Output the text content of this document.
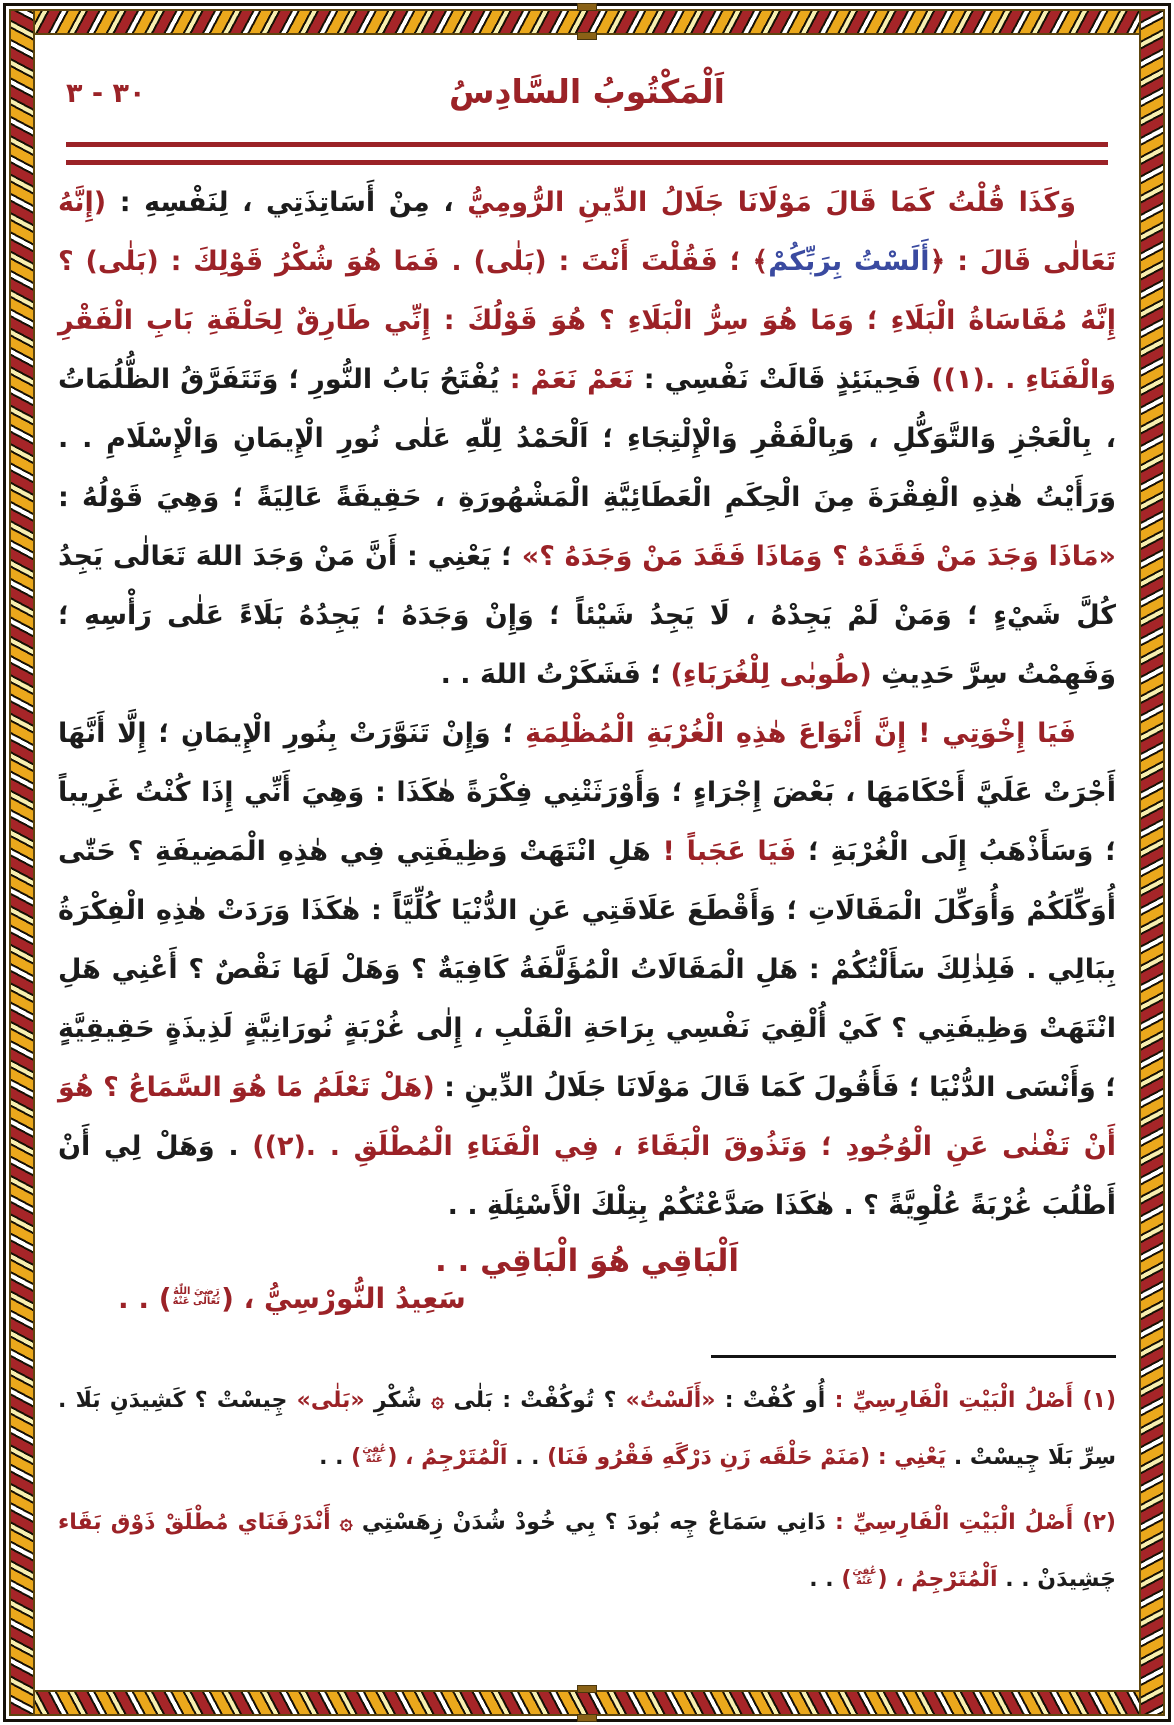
اَلْمَكْتُوبُ السَّادِسُ
٣٠ - ٣

وَكَذَا قُلْتُ كَمَا قَالَ مَوْلَانَا جَلَالُ الدِّينِ الرُّومِيُّ ، مِنْ أَسَاتِذَتِي ، لِنَفْسِهِ : (إِنَّهُ تَعَالٰى قَالَ : ﴿أَلَسْتُ بِرَبِّكُمْ﴾ ؛ فَقُلْتَ أَنْتَ : (بَلٰى) . فَمَا هُوَ شُكْرُ قَوْلِكَ : (بَلٰى) ؟ إِنَّهُ مُقَاسَاةُ الْبَلَاءِ ؛ وَمَا هُوَ سِرُّ الْبَلَاءِ ؟ هُوَ قَوْلُكَ : إِنِّي طَارِقٌ لِحَلْقَةِ بَابِ الْفَقْرِ وَالْفَنَاءِ . .(١)) فَحِينَئِذٍ قَالَتْ نَفْسِي : نَعَمْ نَعَمْ : يُفْتَحُ بَابُ النُّورِ ؛ وَتَتَفَرَّقُ الظُّلُمَاتُ ، بِالْعَجْزِ وَالتَّوَكُّلِ ، وَبِالْفَقْرِ وَالْإِلْتِجَاءِ ؛ اَلْحَمْدُ لِلّٰهِ عَلٰى نُورِ الْإِيمَانِ وَالْإِسْلَامِ . . وَرَأَيْتُ هٰذِهِ الْفِقْرَةَ مِنَ الْحِكَمِ الْعَطَائِيَّةِ الْمَشْهُورَةِ ، حَقِيقَةً عَالِيَةً ؛ وَهِيَ قَوْلُهُ : «مَاذَا وَجَدَ مَنْ فَقَدَهُ ؟ وَمَاذَا فَقَدَ مَنْ وَجَدَهُ ؟» ؛ يَعْنِي : أَنَّ مَنْ وَجَدَ اللهَ تَعَالٰى يَجِدُ كُلَّ شَيْءٍ ؛ وَمَنْ لَمْ يَجِدْهُ ، لَا يَجِدُ شَيْئاً ؛ وَإِنْ وَجَدَهُ ؛ يَجِدُهُ بَلَاءً عَلٰى رَأْسِهِ ؛ وَفَهِمْتُ سِرَّ حَدِيثِ (طُوبٰى لِلْغُرَبَاءِ) ؛ فَشَكَرْتُ اللهَ . .

فَيَا إِخْوَتِي ! إِنَّ أَنْوَاعَ هٰذِهِ الْغُرْبَةِ الْمُظْلِمَةِ ؛ وَإِنْ تَنَوَّرَتْ بِنُورِ الْإِيمَانِ ؛ إِلَّا أَنَّهَا أَجْرَتْ عَلَيَّ أَحْكَامَهَا ، بَعْضَ إِجْرَاءٍ ؛ وَأَوْرَثَتْنِي فِكْرَةً هٰكَذَا : وَهِيَ أَنِّي إِذَا كُنْتُ غَرِيباً ؛ وَسَأَذْهَبُ إِلَى الْغُرْبَةِ ؛ فَيَا عَجَباً ! هَلِ انْتَهَتْ وَظِيفَتِي فِي هٰذِهِ الْمَضِيفَةِ ؟ حَتّٰى أُوَكِّلَكُمْ وَأُوَكِّلَ الْمَقَالَاتِ ؛ وَأَقْطَعَ عَلَاقَتِي عَنِ الدُّنْيَا كُلِّيَّاً : هٰكَذَا وَرَدَتْ هٰذِهِ الْفِكْرَةُ بِبَالِي . فَلِذٰلِكَ سَأَلْتُكُمْ : هَلِ الْمَقَالَاتُ الْمُؤَلَّفَةُ كَافِيَةٌ ؟ وَهَلْ لَهَا نَقْصٌ ؟ أَعْنِي هَلِ انْتَهَتْ وَظِيفَتِي ؟ كَيْ أُلْقِيَ نَفْسِي بِرَاحَةِ الْقَلْبِ ، إِلٰى غُرْبَةٍ نُورَانِيَّةٍ لَذِيذَةٍ حَقِيقِيَّةٍ ؛ وَأَنْسَى الدُّنْيَا ؛ فَأَقُولَ كَمَا قَالَ مَوْلَانَا جَلَالُ الدِّينِ : (هَلْ تَعْلَمُ مَا هُوَ السَّمَاعُ ؟ هُوَ أَنْ تَفْنٰى عَنِ الْوُجُودِ ؛ وَتَذُوقَ الْبَقَاءَ ، فِي الْفَنَاءِ الْمُطْلَقِ . .(٢)) . وَهَلْ لِي أَنْ أَطْلُبَ غُرْبَةً عُلْوِيَّةً ؟ . هٰكَذَا صَدَّعْتُكُمْ بِتِلْكَ الْأَسْئِلَةِ . .

اَلْبَاقِي هُوَ الْبَاقِي . .
سَعِيدُ النُّورْسِيُّ ، (رَضِيَ اللّٰهُ
تَعَالٰى عَنْهُ) . .

(١) أَصْلُ الْبَيْتِ الْفَارِسِيِّ : أُو كُفْتْ : «أَلَسْتُ» ؟ تُوكُفْتْ : بَلٰى ۞ شُكْرِ «بَلٰى» چِيسْتْ ؟ كَشِيدَنِ بَلَا . سِرِّ بَلَا چِيسْتْ . يَعْنِي : (مَنَمْ حَلْقَه زَنِ دَرْگَهِ فَقْرُو فَنَا) . . اَلْمُتَرْجِمُ ، (عُفِيَ
عَنْهُ) . .

(٢) أَصْلُ الْبَيْتِ الْفَارِسِيِّ : دَانِي سَمَاعْ چِه بُودَ ؟ بِي خُودْ شُدَنْ زِهَسْتِي ۞ أَنْدَرْفَنَاي مُطْلَقْ ذَوْق بَقَاء چَشِيدَنْ . . اَلْمُتَرْجِمُ ، (عُفِيَ
عَنْهُ) . .
